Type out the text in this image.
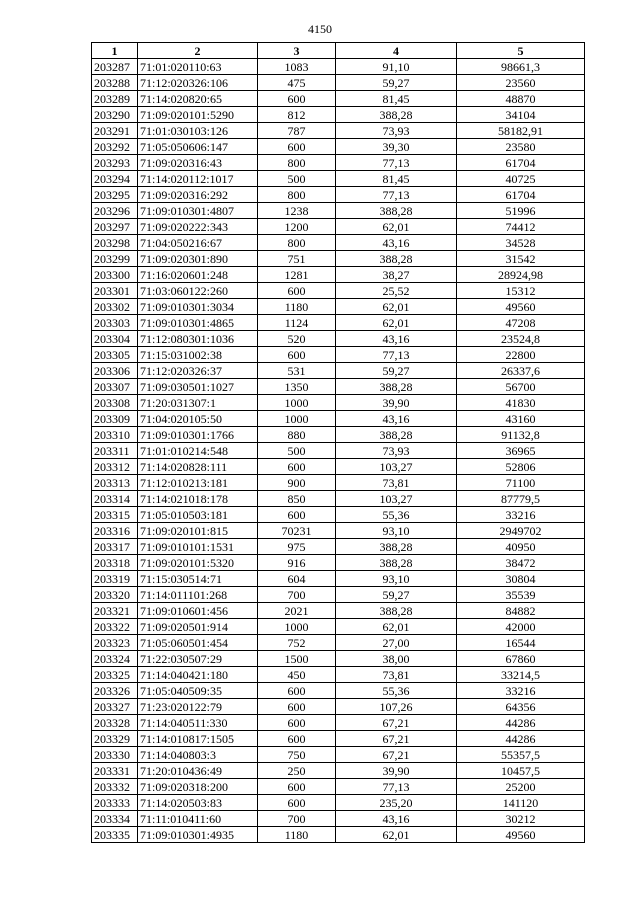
4150
1	2	3	4	5
203287	71:01:020110:63	1083	91,10	98661,3
203288	71:12:020326:106	475	59,27	23560
203289	71:14:020820:65	600	81,45	48870
203290	71:09:020101:5290	812	388,28	34104
203291	71:01:030103:126	787	73,93	58182,91
203292	71:05:050606:147	600	39,30	23580
203293	71:09:020316:43	800	77,13	61704
203294	71:14:020112:1017	500	81,45	40725
203295	71:09:020316:292	800	77,13	61704
203296	71:09:010301:4807	1238	388,28	51996
203297	71:09:020222:343	1200	62,01	74412
203298	71:04:050216:67	800	43,16	34528
203299	71:09:020301:890	751	388,28	31542
203300	71:16:020601:248	1281	38,27	28924,98
203301	71:03:060122:260	600	25,52	15312
203302	71:09:010301:3034	1180	62,01	49560
203303	71:09:010301:4865	1124	62,01	47208
203304	71:12:080301:1036	520	43,16	23524,8
203305	71:15:031002:38	600	77,13	22800
203306	71:12:020326:37	531	59,27	26337,6
203307	71:09:030501:1027	1350	388,28	56700
203308	71:20:031307:1	1000	39,90	41830
203309	71:04:020105:50	1000	43,16	43160
203310	71:09:010301:1766	880	388,28	91132,8
203311	71:01:010214:548	500	73,93	36965
203312	71:14:020828:111	600	103,27	52806
203313	71:12:010213:181	900	73,81	71100
203314	71:14:021018:178	850	103,27	87779,5
203315	71:05:010503:181	600	55,36	33216
203316	71:09:020101:815	70231	93,10	2949702
203317	71:09:010101:1531	975	388,28	40950
203318	71:09:020101:5320	916	388,28	38472
203319	71:15:030514:71	604	93,10	30804
203320	71:14:011101:268	700	59,27	35539
203321	71:09:010601:456	2021	388,28	84882
203322	71:09:020501:914	1000	62,01	42000
203323	71:05:060501:454	752	27,00	16544
203324	71:22:030507:29	1500	38,00	67860
203325	71:14:040421:180	450	73,81	33214,5
203326	71:05:040509:35	600	55,36	33216
203327	71:23:020122:79	600	107,26	64356
203328	71:14:040511:330	600	67,21	44286
203329	71:14:010817:1505	600	67,21	44286
203330	71:14:040803:3	750	67,21	55357,5
203331	71:20:010436:49	250	39,90	10457,5
203332	71:09:020318:200	600	77,13	25200
203333	71:14:020503:83	600	235,20	141120
203334	71:11:010411:60	700	43,16	30212
203335	71:09:010301:4935	1180	62,01	49560
